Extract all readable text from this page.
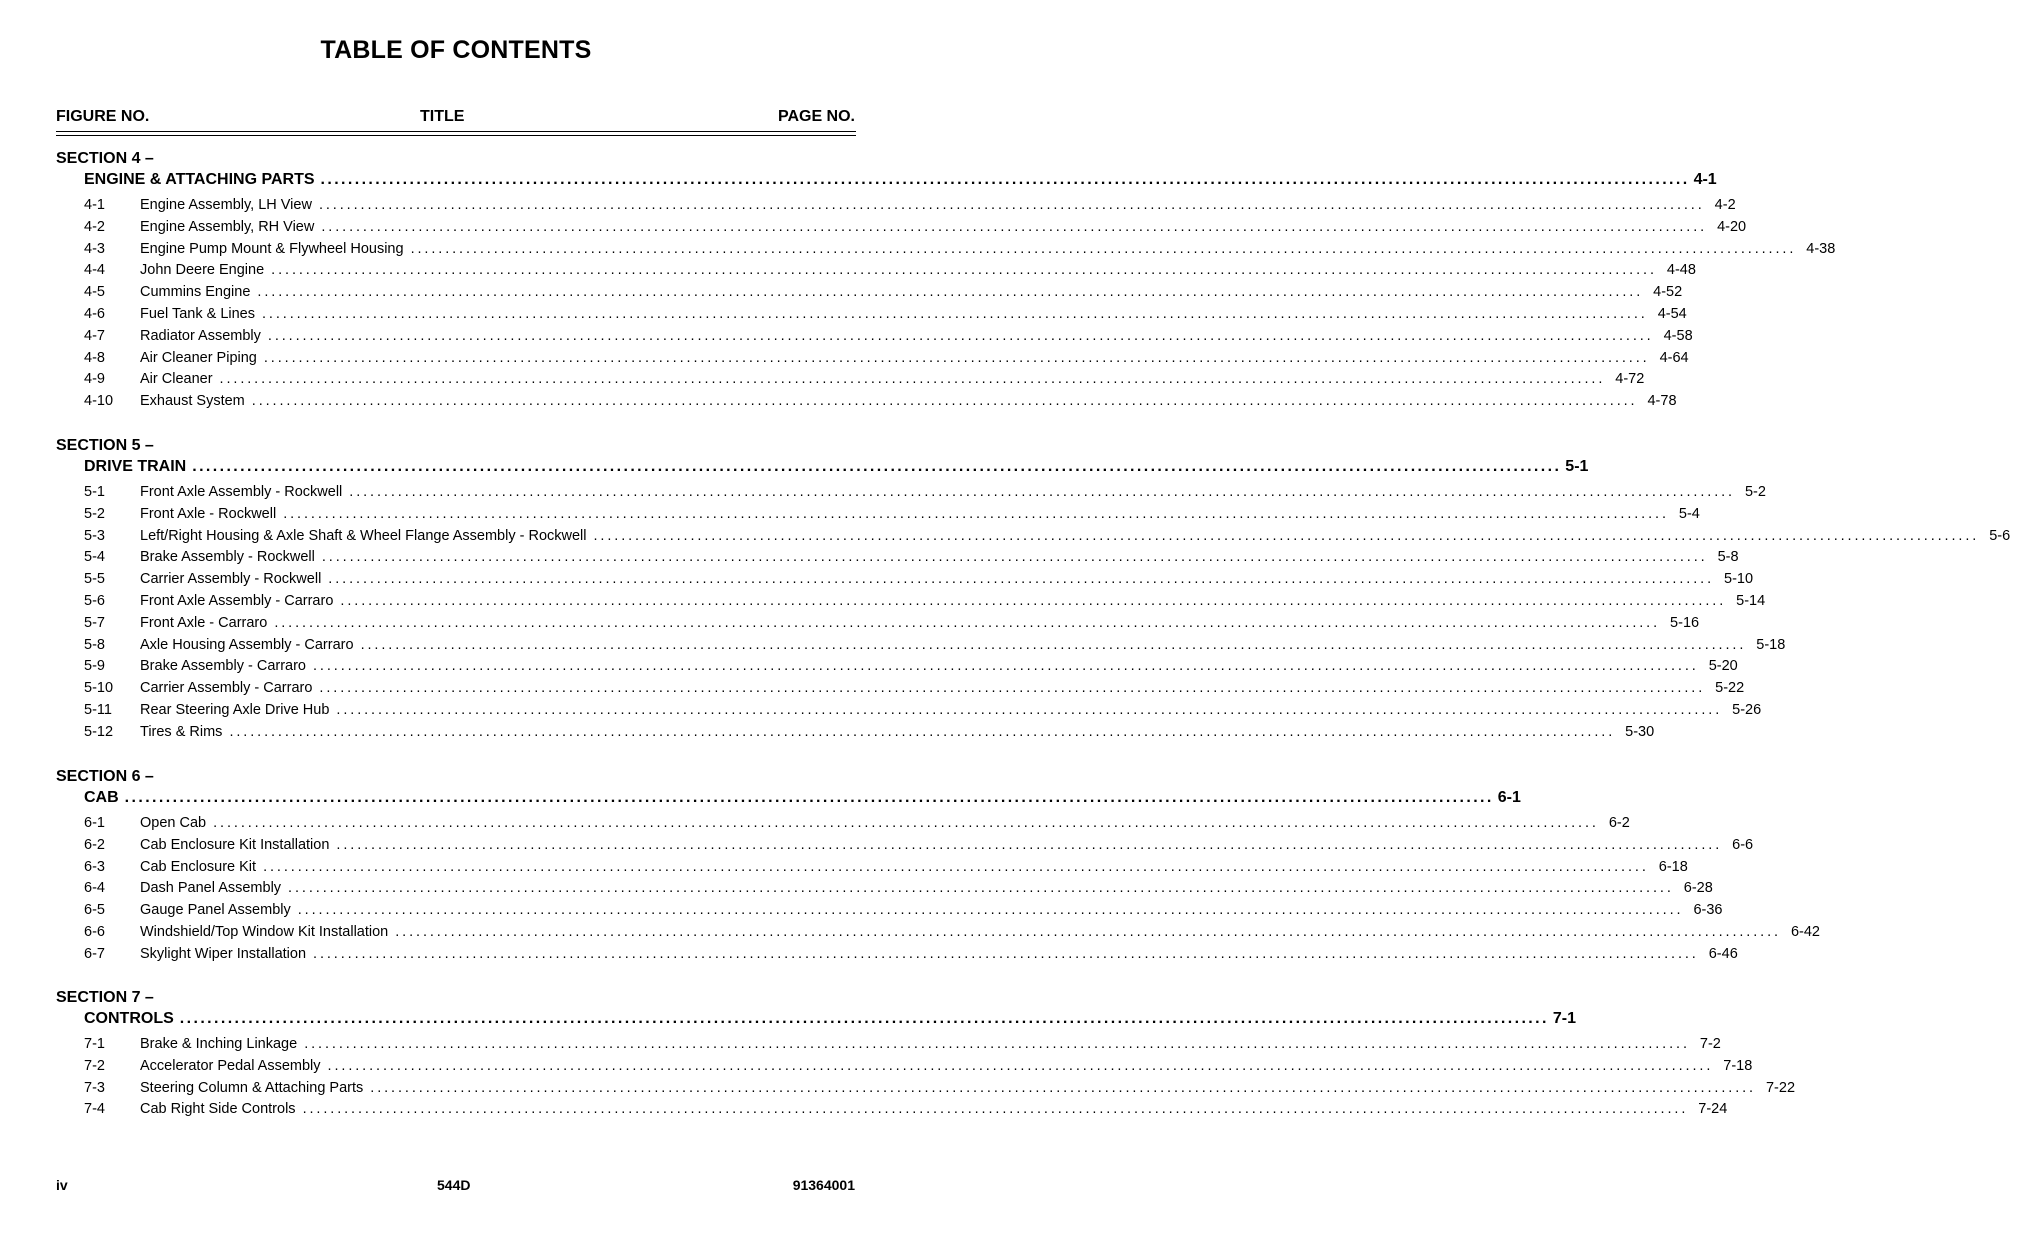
TABLE OF CONTENTS
FIGURE NO.	TITLE	PAGE NO.
SECTION 4 –
ENGINE & ATTACHING PARTS ........................................................................................................................................................................................................ 4-1
4-1	Engine Assembly, LH View ........................................................................................................................................................................................................ 4-2
4-2	Engine Assembly, RH View ........................................................................................................................................................................................................ 4-20
4-3	Engine Pump Mount & Flywheel Housing ........................................................................................................................................................................................................ 4-38
4-4	John Deere Engine ........................................................................................................................................................................................................ 4-48
4-5	Cummins Engine ........................................................................................................................................................................................................ 4-52
4-6	Fuel Tank & Lines ........................................................................................................................................................................................................ 4-54
4-7	Radiator Assembly ........................................................................................................................................................................................................ 4-58
4-8	Air Cleaner Piping ........................................................................................................................................................................................................ 4-64
4-9	Air Cleaner ........................................................................................................................................................................................................ 4-72
4-10	Exhaust System ........................................................................................................................................................................................................ 4-78
SECTION 5 –
DRIVE TRAIN ........................................................................................................................................................................................................ 5-1
5-1	Front Axle Assembly - Rockwell ........................................................................................................................................................................................................ 5-2
5-2	Front Axle - Rockwell ........................................................................................................................................................................................................ 5-4
5-3	Left/Right Housing & Axle Shaft & Wheel Flange Assembly - Rockwell ........................................................................................................................................................................................................ 5-6
5-4	Brake Assembly - Rockwell ........................................................................................................................................................................................................ 5-8
5-5	Carrier Assembly - Rockwell ........................................................................................................................................................................................................ 5-10
5-6	Front Axle Assembly - Carraro ........................................................................................................................................................................................................ 5-14
5-7	Front Axle - Carraro ........................................................................................................................................................................................................ 5-16
5-8	Axle Housing Assembly - Carraro ........................................................................................................................................................................................................ 5-18
5-9	Brake Assembly - Carraro ........................................................................................................................................................................................................ 5-20
5-10	Carrier Assembly - Carraro ........................................................................................................................................................................................................ 5-22
5-11	Rear Steering Axle Drive Hub ........................................................................................................................................................................................................ 5-26
5-12	Tires & Rims ........................................................................................................................................................................................................ 5-30
SECTION 6 –
CAB ........................................................................................................................................................................................................ 6-1
6-1	Open Cab ........................................................................................................................................................................................................ 6-2
6-2	Cab Enclosure Kit Installation ........................................................................................................................................................................................................ 6-6
6-3	Cab Enclosure Kit ........................................................................................................................................................................................................ 6-18
6-4	Dash Panel Assembly ........................................................................................................................................................................................................ 6-28
6-5	Gauge Panel Assembly ........................................................................................................................................................................................................ 6-36
6-6	Windshield/Top Window Kit Installation ........................................................................................................................................................................................................ 6-42
6-7	Skylight Wiper Installation ........................................................................................................................................................................................................ 6-46
SECTION 7 –
CONTROLS ........................................................................................................................................................................................................ 7-1
7-1	Brake & Inching Linkage ........................................................................................................................................................................................................ 7-2
7-2	Accelerator Pedal Assembly ........................................................................................................................................................................................................ 7-18
7-3	Steering Column & Attaching Parts ........................................................................................................................................................................................................ 7-22
7-4	Cab Right Side Controls ........................................................................................................................................................................................................ 7-24
iv	544D	91364001
